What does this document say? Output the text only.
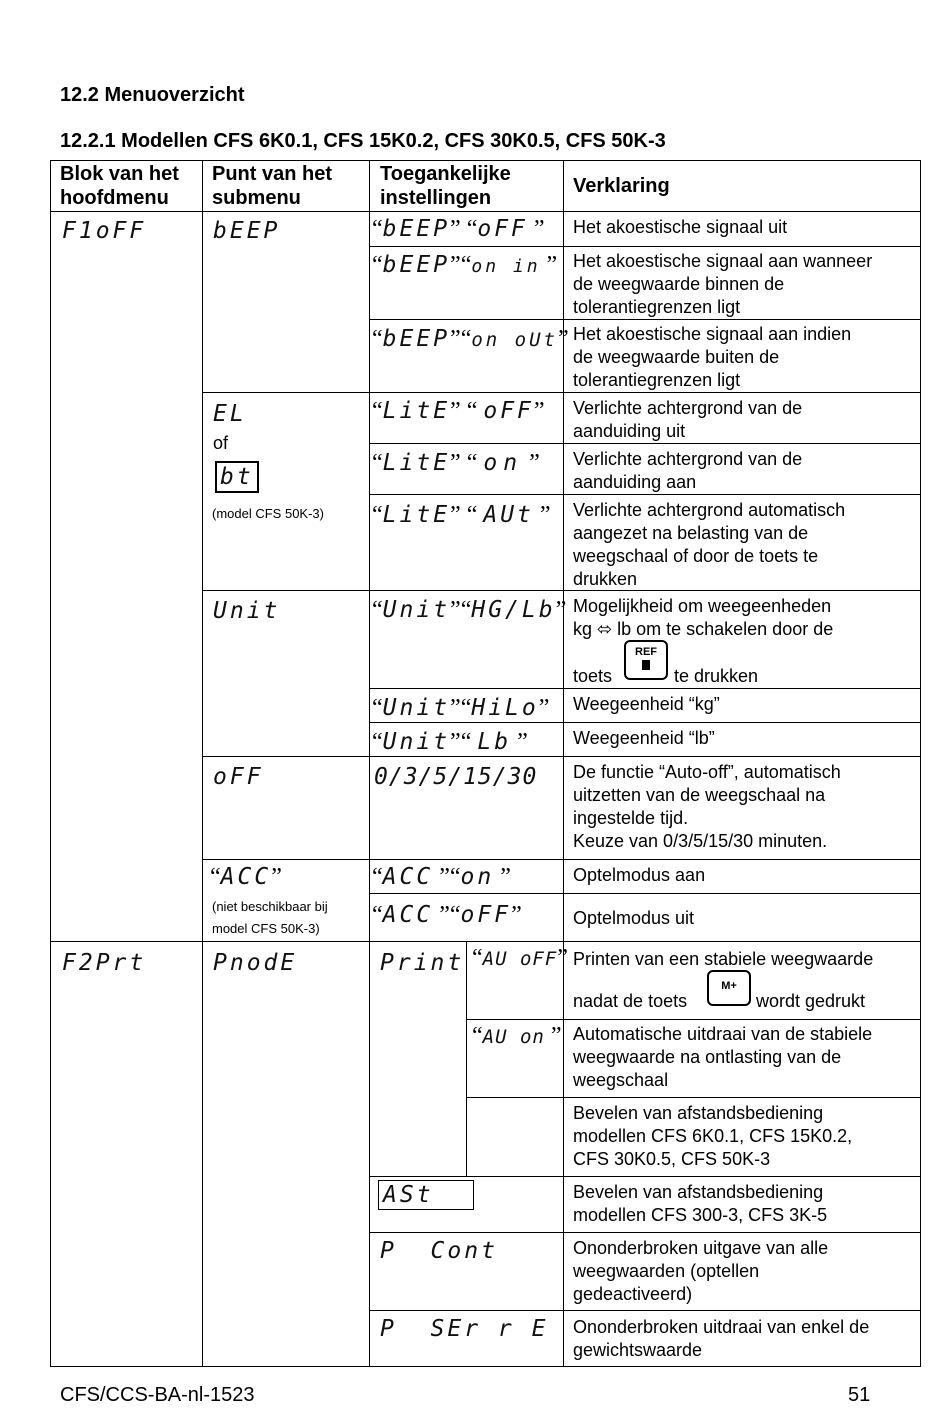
12.2 Menuoverzicht
12.2.1 Modellen CFS 6K0.1, CFS 15K0.2, CFS 30K0.5, CFS 50K-3
Blok van het
hoofdmenu
Punt van het
submenu
Toegankelijke
instellingen
Verklaring
F1oFF
F2Prt
bEEP
EL
of
bt
(model CFS 50K-3)
Unit
oFF
“ACC”
(niet beschikbaar bij
model CFS 50K-3)
PnodE
“bEEP” “oFF ”
“bEEP”“on in ”
“bEEP”“on oUt”
“LitE” “ oFF”
“LitE” “ on ”
“LitE” “ AUt ”
“Unit”“HG/Lb”
“Unit”“HiLo”
“Unit”“ Lb ”
0/3/5/15/30
“ACC ”“on ”
“ACC ”“oFF”
Print “AU oFF”
“AU on ”
ASt
P  Cont
P  SEr r E
Het akoestische signaal uit
Het akoestische signaal aan wanneer
de weegwaarde binnen de
tolerantiegrenzen ligt
Het akoestische signaal aan indien
de weegwaarde buiten de
tolerantiegrenzen ligt
Verlichte achtergrond van de
aanduiding uit
Verlichte achtergrond van de
aanduiding aan
Verlichte achtergrond automatisch
aangezet na belasting van de
weegschaal of door de toets te
drukken
Mogelijkheid om weegeenheden
kg ⬄ lb om te schakelen door de
toets
REF
te drukken
Weegeenheid “kg”
Weegeenheid “lb”
De functie “Auto-off”, automatisch
uitzetten van de weegschaal na
ingestelde tijd.
Keuze van 0/3/5/15/30 minuten.
Optelmodus aan
Optelmodus uit
Printen van een stabiele weegwaarde
nadat de toets
M+
wordt gedrukt
Automatische uitdraai van de stabiele
weegwaarde na ontlasting van de
weegschaal
Bevelen van afstandsbediening
modellen CFS 6K0.1, CFS 15K0.2,
CFS 30K0.5, CFS 50K-3
Bevelen van afstandsbediening
modellen CFS 300-3, CFS 3K-5
Ononderbroken uitgave van alle
weegwaarden (optellen
gedeactiveerd)
Ononderbroken uitdraai van enkel de
gewichtswaarde
CFS/CCS-BA-nl-1523	51
